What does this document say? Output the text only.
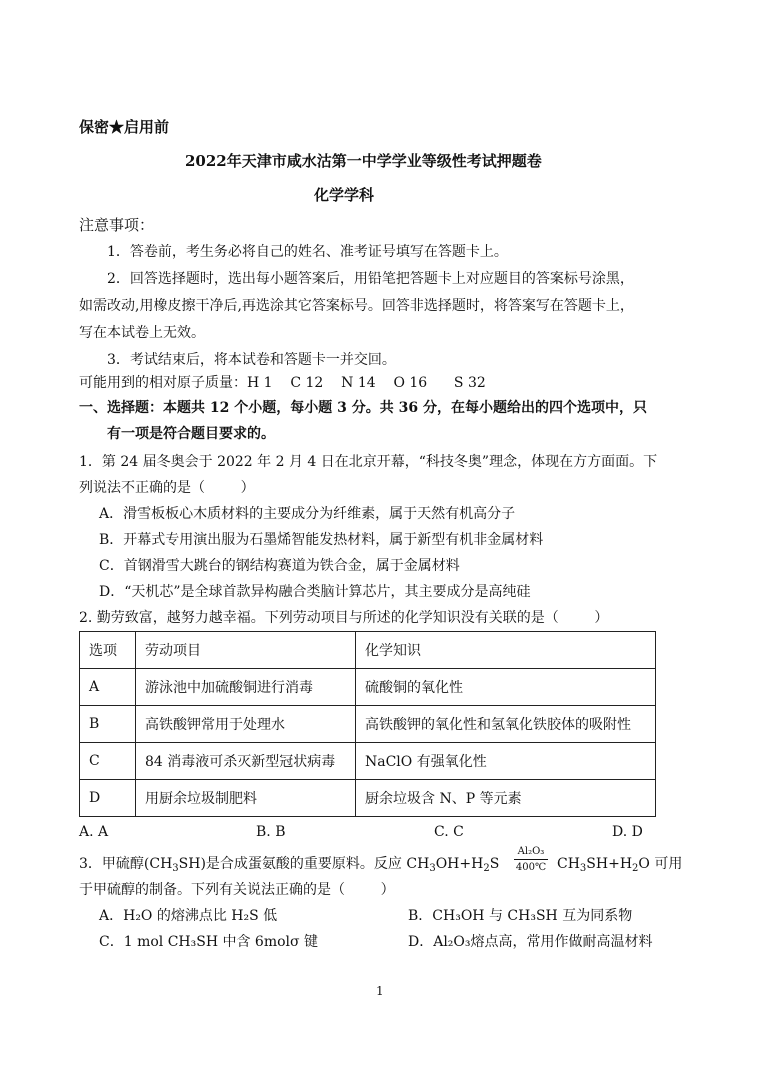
保密★启用前
2022年天津市咸水沽第一中学学业等级性考试押题卷
化学学科
注意事项：
1．答卷前，考生务必将自己的姓名、准考证号填写在答题卡上。
2．回答选择题时，选出每小题答案后，用铅笔把答题卡上对应题目的答案标号涂黑，
如需改动,用橡皮擦干净后,再选涂其它答案标号。回答非选择题时，将答案写在答题卡上，
写在本试卷上无效。
3．考试结束后，将本试卷和答题卡一并交回。
可能用到的相对原子质量：H 1    C 12    N 14    O 16      S 32
一、选择题：本题共 12 个小题，每小题 3 分。共 36 分，在每小题给出的四个选项中，只
有一项是符合题目要求的。
1．第 24 届冬奥会于 2022 年 2 月 4 日在北京开幕，“科技冬奥”理念，体现在方方面面。下
列说法不正确的是（        ）
A．滑雪板板心木质材料的主要成分为纤维素，属于天然有机高分子
B．开幕式专用演出服为石墨烯智能发热材料，属于新型有机非金属材料
C．首钢滑雪大跳台的钢结构赛道为铁合金，属于金属材料
D．“天机芯”是全球首款异构融合类脑计算芯片，其主要成分是高纯硅
2. 勤劳致富，越努力越幸福。下列劳动项目与所述的化学知识没有关联的是（        ）
选项	劳动项目	化学知识
A	游泳池中加硫酸铜进行消毒	硫酸铜的氧化性
B	高铁酸钾常用于处理水	高铁酸钾的氧化性和氢氧化铁胶体的吸附性
C	84 消毒液可杀灭新型冠状病毒	NaClO 有强氧化性
D	用厨余垃圾制肥料	厨余垃圾含 N、P 等元素
A. A	B. B	C. C	D. D
3．甲硫醇$(CH_3SH)$是合成蛋氨酸的重要原料。反应 $CH_3OH+H_2S$
Al₂O₃
400℃ $CH_3SH+H_2O$ 可用
于甲硫醇的制备。下列有关说法正确的是（        ）
A．H₂O 的熔沸点比 H₂S 低	B．CH₃OH 与 CH₃SH 互为同系物
C．1 mol CH₃SH 中含 6molσ 键	D．Al₂O₃熔点高，常用作做耐高温材料
1
